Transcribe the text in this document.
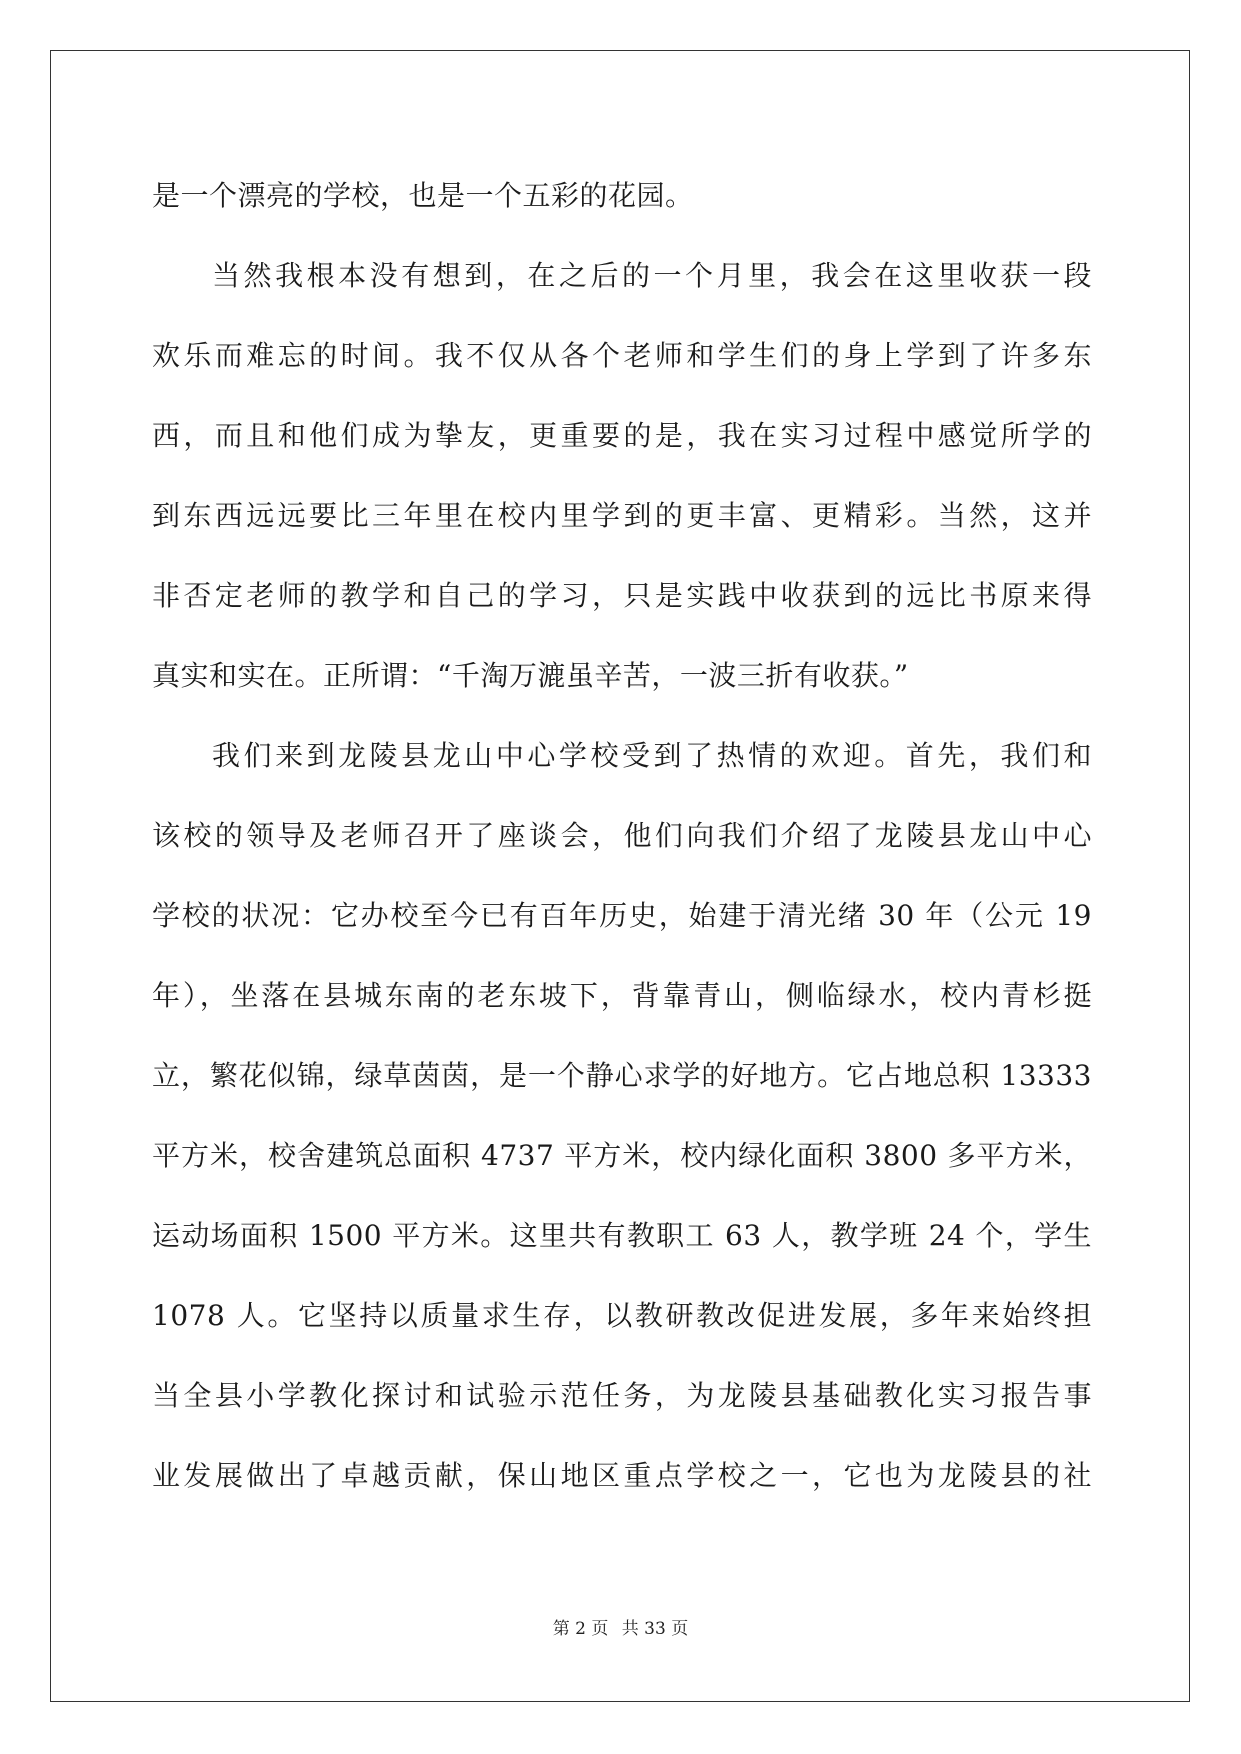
是一个漂亮的学校，也是一个五彩的花园。
当然我根本没有想到，在之后的一个月里，我会在这里收获一段
欢乐而难忘的时间。我不仅从各个老师和学生们的身上学到了许多东
西，而且和他们成为挚友，更重要的是，我在实习过程中感觉所学的
到东西远远要比三年里在校内里学到的更丰富、更精彩。当然，这并
非否定老师的教学和自己的学习，只是实践中收获到的远比书原来得
真实和实在。正所谓：“千淘万漉虽辛苦，一波三折有收获。”
我们来到龙陵县龙山中心学校受到了热情的欢迎。首先，我们和
该校的领导及老师召开了座谈会，他们向我们介绍了龙陵县龙山中心
学校的状况：它办校至今已有百年历史，始建于清光绪 30 年（公元 19
年），坐落在县城东南的老东坡下，背靠青山，侧临绿水，校内青杉挺
立，繁花似锦，绿草茵茵，是一个静心求学的好地方。它占地总积 13333
平方米，校舍建筑总面积 4737 平方米，校内绿化面积 3800 多平方米，
运动场面积 1500 平方米。这里共有教职工 63 人，教学班 24 个，学生
1078 人。它坚持以质量求生存，以教研教改促进发展，多年来始终担
当全县小学教化探讨和试验示范任务，为龙陵县基础教化实习报告事
业发展做出了卓越贡献，保山地区重点学校之一，它也为龙陵县的社
第 2 页 共 33 页
